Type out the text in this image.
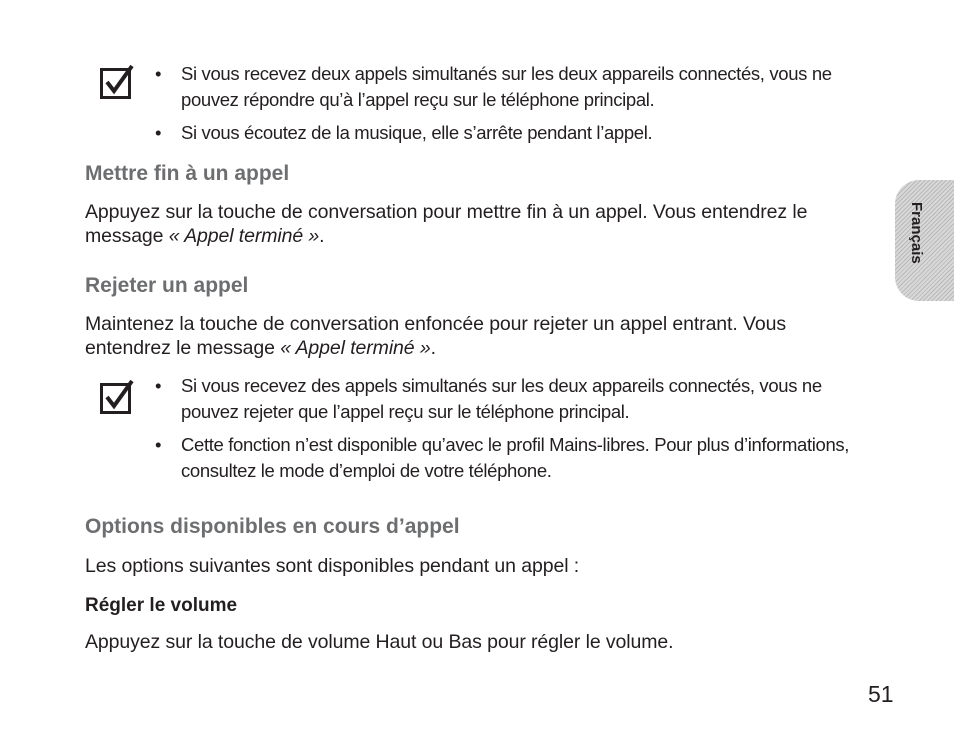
• Si vous recevez deux appels simultanés sur les deux appareils connectés, vous ne pouvez répondre qu’à l’appel reçu sur le téléphone principal.
• Si vous écoutez de la musique, elle s’arrête pendant l’appel.
Mettre fin à un appel

Appuyez sur la touche de conversation pour mettre fin à un appel. Vous entendrez le message « Appel terminé ».

Rejeter un appel

Maintenez la touche de conversation enfoncée pour rejeter un appel entrant. Vous entendrez le message « Appel terminé ».

• Si vous recevez des appels simultanés sur les deux appareils connectés, vous ne pouvez rejeter que l’appel reçu sur le téléphone principal.
• Cette fonction n’est disponible qu’avec le profil Mains-libres. Pour plus d’informations, consultez le mode d’emploi de votre téléphone.
Options disponibles en cours d’appel

Les options suivantes sont disponibles pendant un appel :

Régler le volume

Appuyez sur la touche de volume Haut ou Bas pour régler le volume.

Français
51
